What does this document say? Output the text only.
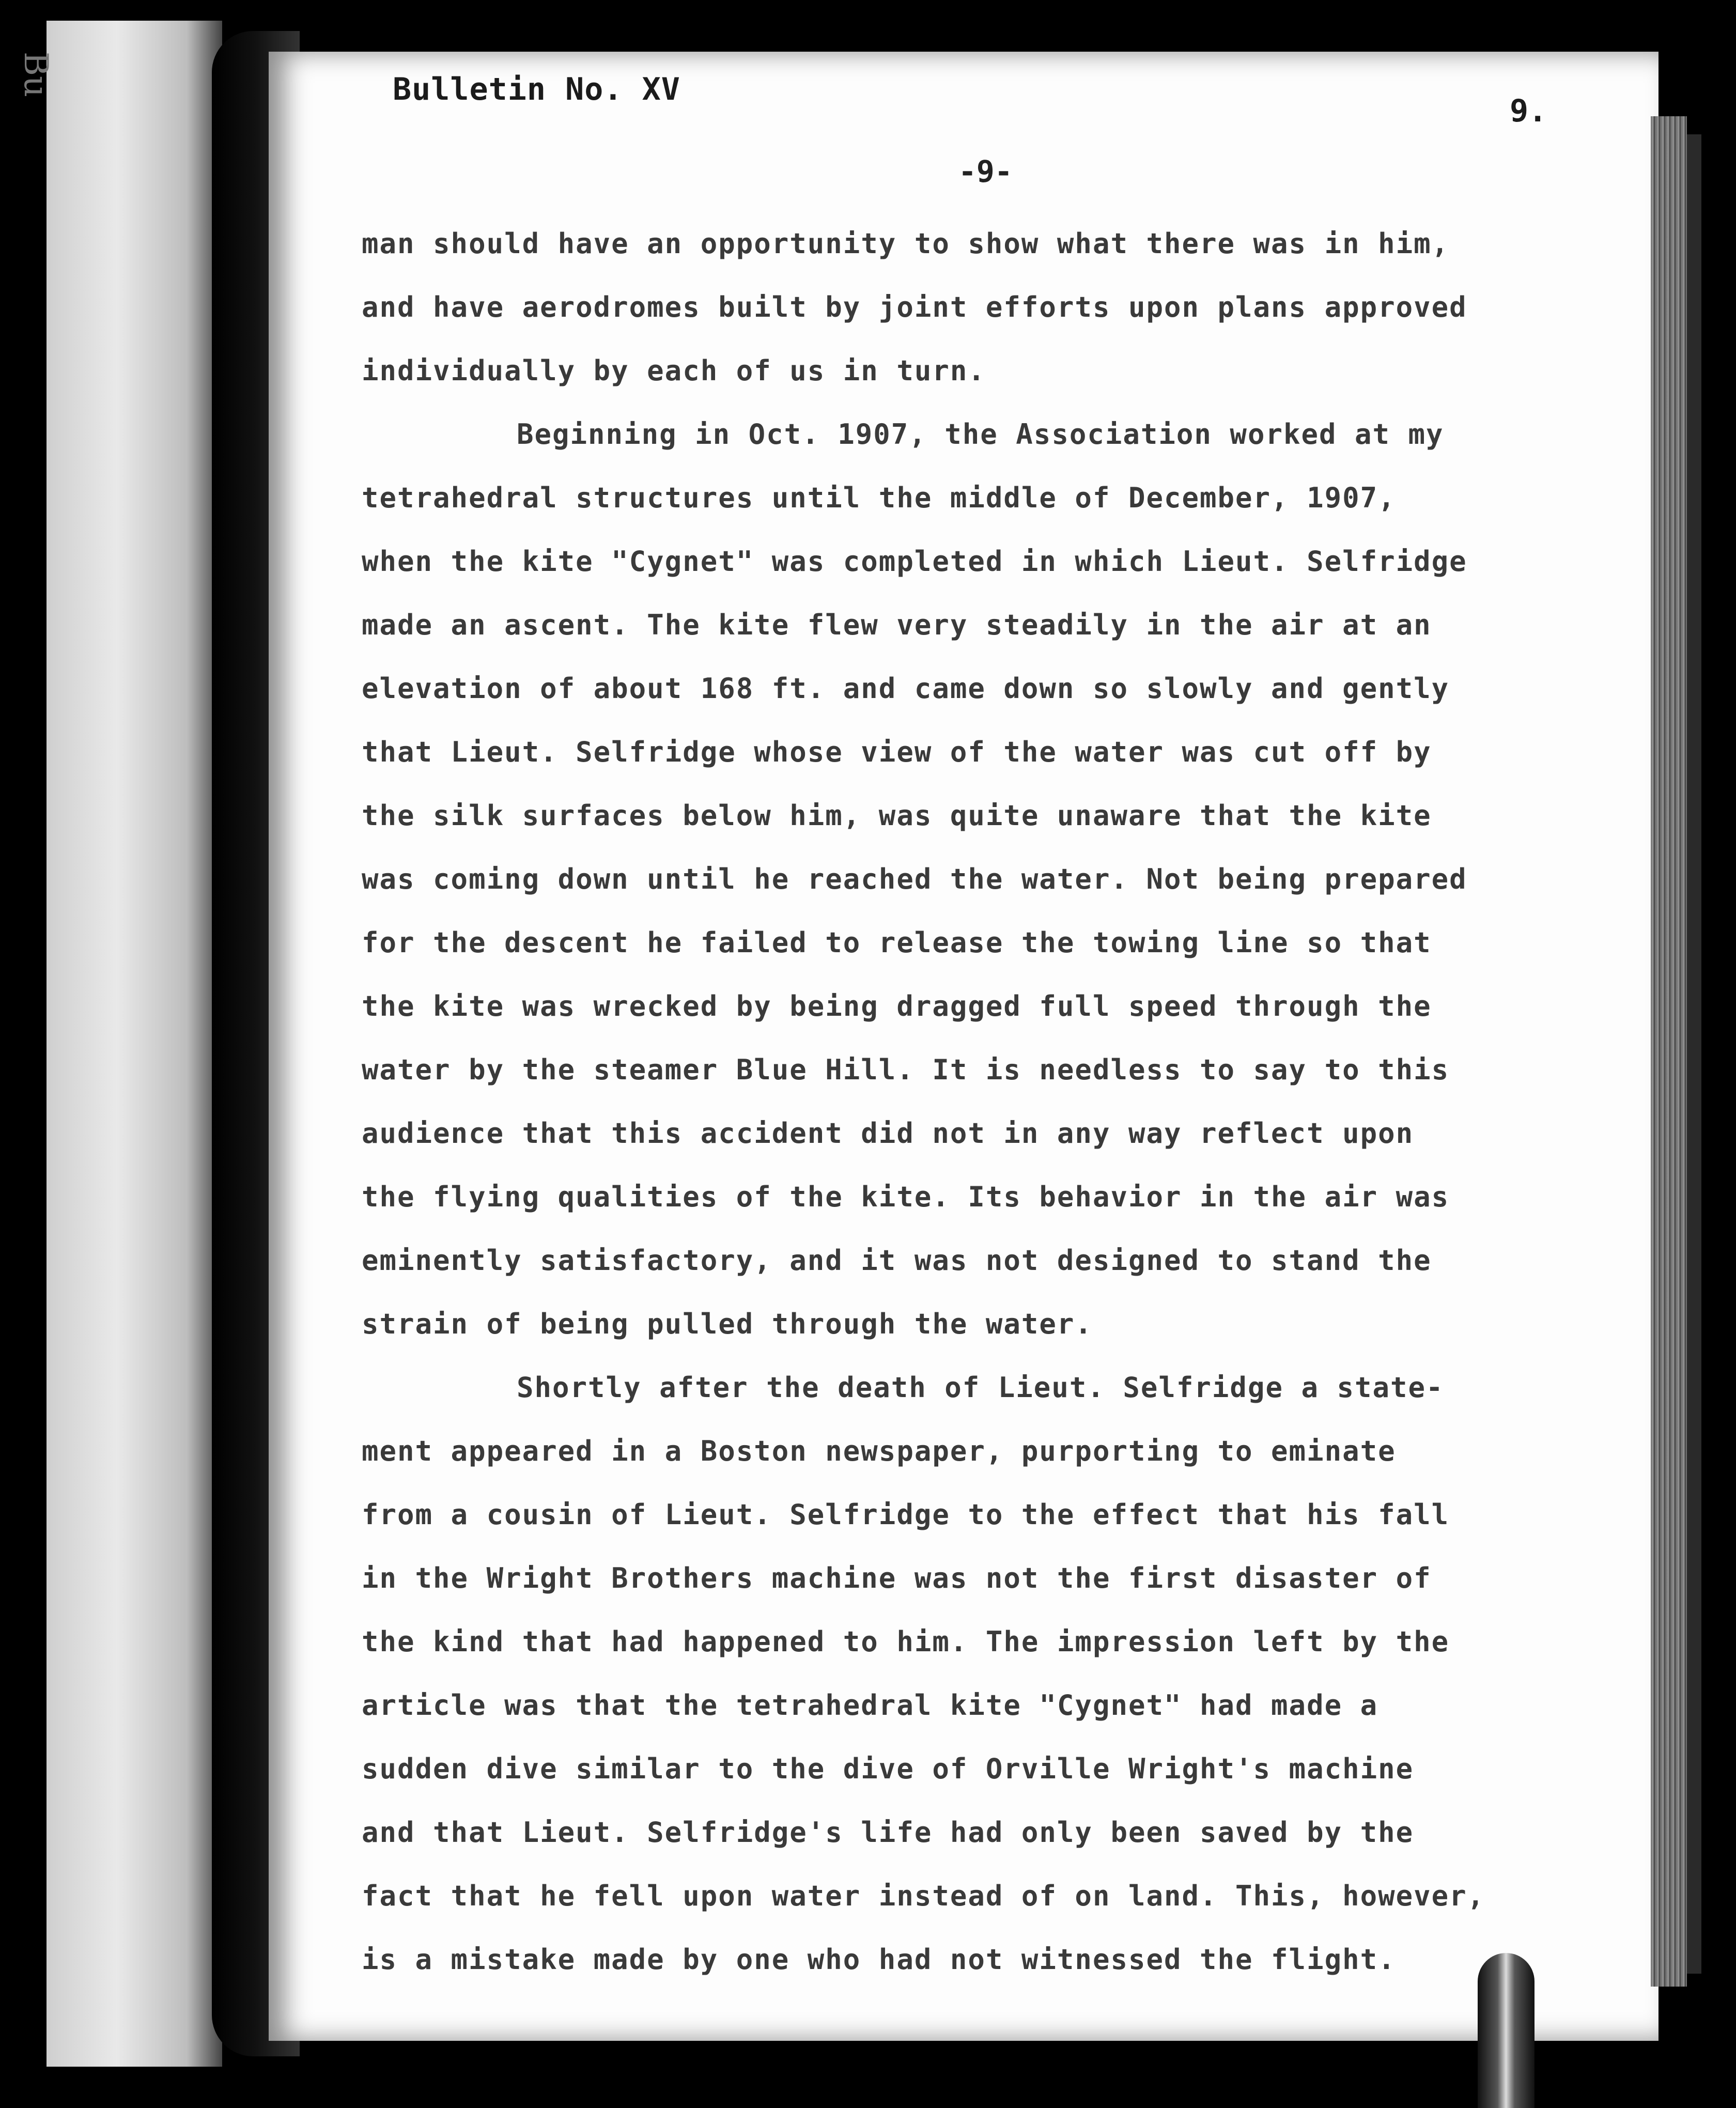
Bu	Bulletin No. XV
9.
-9-
man should have an opportunity to show what there was in him,
and have aerodromes built by joint efforts upon plans approved
individually by each of us in turn.
Beginning in Oct. 1907, the Association worked at my
tetrahedral structures until the middle of December, 1907,
when the kite "Cygnet" was completed in which Lieut. Selfridge
made an ascent. The kite flew very steadily in the air at an
elevation of about 168 ft. and came down so slowly and gently
that Lieut. Selfridge whose view of the water was cut off by
the silk surfaces below him, was quite unaware that the kite
was coming down until he reached the water. Not being prepared
for the descent he failed to release the towing line so that
the kite was wrecked by being dragged full speed through the
water by the steamer Blue Hill. It is needless to say to this
audience that this accident did not in any way reflect upon
the flying qualities of the kite. Its behavior in the air was
eminently satisfactory, and it was not designed to stand the
strain of being pulled through the water.
Shortly after the death of Lieut. Selfridge a state-
ment appeared in a Boston newspaper, purporting to eminate
from a cousin of Lieut. Selfridge to the effect that his fall
in the Wright Brothers machine was not the first disaster of
the kind that had happened to him. The impression left by the
article was that the tetrahedral kite "Cygnet" had made a
sudden dive similar to the dive of Orville Wright's machine
and that Lieut. Selfridge's life had only been saved by the
fact that he fell upon water instead of on land. This, however,
is a mistake made by one who had not witnessed the flight.
